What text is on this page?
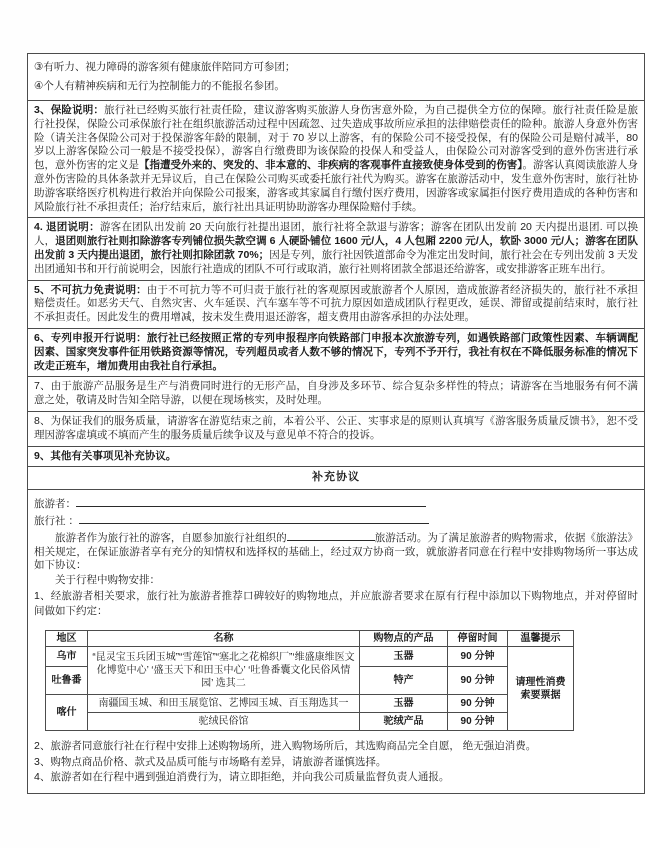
③有听力、视力障碍的游客须有健康旅伴陪同方可参团；
④个人有精神疾病和无行为控制能力的不能报名参团。
3、保险说明：旅行社已经购买旅行社责任险，建议游客购买旅游人身伤害意外险，为自己提供全方位的保障。旅行社责任险是旅行社投保，保险公司承保旅行社在组织旅游活动过程中因疏忽、过失造成事故所应承担的法律赔偿责任的险种。旅游人身意外伤害险（请关注各保险公司对于投保游客年龄的限制，对于 70 岁以上游客，有的保险公司不接受投保，有的保险公司是赔付减半，80 岁以上游客保险公司一般是不接受投保），游客自行缴费即为该保险的投保人和受益人，由保险公司对游客受到的意外伤害进行承包，意外伤害的定义是【指遭受外来的、突发的、非本意的、非疾病的客观事件直接致使身体受到的伤害】。游客认真阅读旅游人身意外伤害险的具体条款并无异议后，自己在保险公司购买或委托旅行社代为购买。游客在旅游活动中，发生意外伤害时，旅行社协助游客联络医疗机构进行救治并向保险公司报案，游客或其家属自行缴付医疗费用，因游客或家属拒付医疗费用造成的各种伤害和风险旅行社不承担责任；治疗结束后，旅行社出具证明协助游客办理保险赔付手续。
4. 退团说明：游客在团队出发前 20 天向旅行社提出退团，旅行社将全款退与游客；游客在团队出发前 20 天内提出退团. 可以换人，退团则旅行社则扣除游客专列铺位损失款空调 6 人硬卧铺位 1600 元/人，4 人包厢 2200 元/人，软卧 3000 元/人；游客在团队出发前 3 天内提出退团，旅行社则扣除团款 70%；因是专列，旅行社因铁道部命令为准定出发时间，旅行社会在专列出发前 3 天发出团通知书和开行前说明会，因旅行社造成的团队不可行或取消，旅行社则将团款全部退还给游客，或安排游客正班车出行。
5、不可抗力免责说明：由于不可抗力等不可归责于旅行社的客观原因或旅游者个人原因，造成旅游者经济损失的，旅行社不承担赔偿责任。如恶劣天气、自然灾害、火车延误、汽车塞车等不可抗力原因如造成团队行程更改，延误、滞留或提前结束时，旅行社不承担责任。因此发生的费用增减，按未发生费用退还游客，超支费用由游客承担的办法处理。
6、专列申报开行说明：旅行社已经按照正常的专列申报程序向铁路部门申报本次旅游专列，如遇铁路部门政策性因素、车辆调配因素、国家突发事件征用铁路资源等情况，专列超员或者人数不够的情况下，专列不予开行，我社有权在不降低服务标准的情况下改走正班车，增加费用由我社自行承担。
7、由于旅游产品服务是生产与消费同时进行的无形产品，自身涉及多环节、综合复杂多样性的特点；请游客在当地服务有何不满意之处，敬请及时告知全陪导游，以便在现场核实，及时处理。
8、为保证我们的服务质量，请游客在游览结束之前，本着公平、公正、实事求是的原则认真填写《游客服务质量反馈书》，恕不受理因游客虚填或不填而产生的服务质量后续争议及与意见单不符合的投诉。
9、其他有关事项见补充协议。
补充协议
旅游者：
旅行社 ：
旅游者作为旅行社的游客，自愿参加旅行社组织的	旅游活动。为了满足旅游者的购物需求，依据《旅游法》相关规定，在保证旅游者享有充分的知情权和选择权的基础上，经过双方协商一致，就旅游者同意在行程中安排购物场所一事达成如下协议：
关于行程中购物安排：
1、经旅游者相关要求，旅行社为旅游者推荐口碑较好的购物地点，并应旅游者要求在原有行程中添加以下购物地点，并对停留时间做如下约定：
地区	名称	购物点的产品	停留时间	温馨提示
乌市	“昆灵宝玉兵团玉城”“雪莲馆”“塞北之花棉织厂”‘维盛康维医文化博览中心’ ‘盛玉天下和田玉中心’ ‘吐鲁番囊文化民俗风情园’ 选其二	玉器	90 分钟	请理性消费
索要票据
吐鲁番		特产	90 分钟	
喀什	南疆国玉城、和田玉展览馆、艺博园玉城、百玉翔选其一	玉器	90 分钟	
	驼绒民俗馆	驼绒产品	90 分钟	
2、旅游者同意旅行社在行程中安排上述购物场所，进入购物场所后，其选购商品完全自愿， 绝无强迫消费。
3、购物点商品价格、款式及品质可能与市场略有差异，请旅游者谨慎选择。
4、旅游者如在行程中遇到强迫消费行为，请立即拒绝，并向我公司质量监督负责人通报。
